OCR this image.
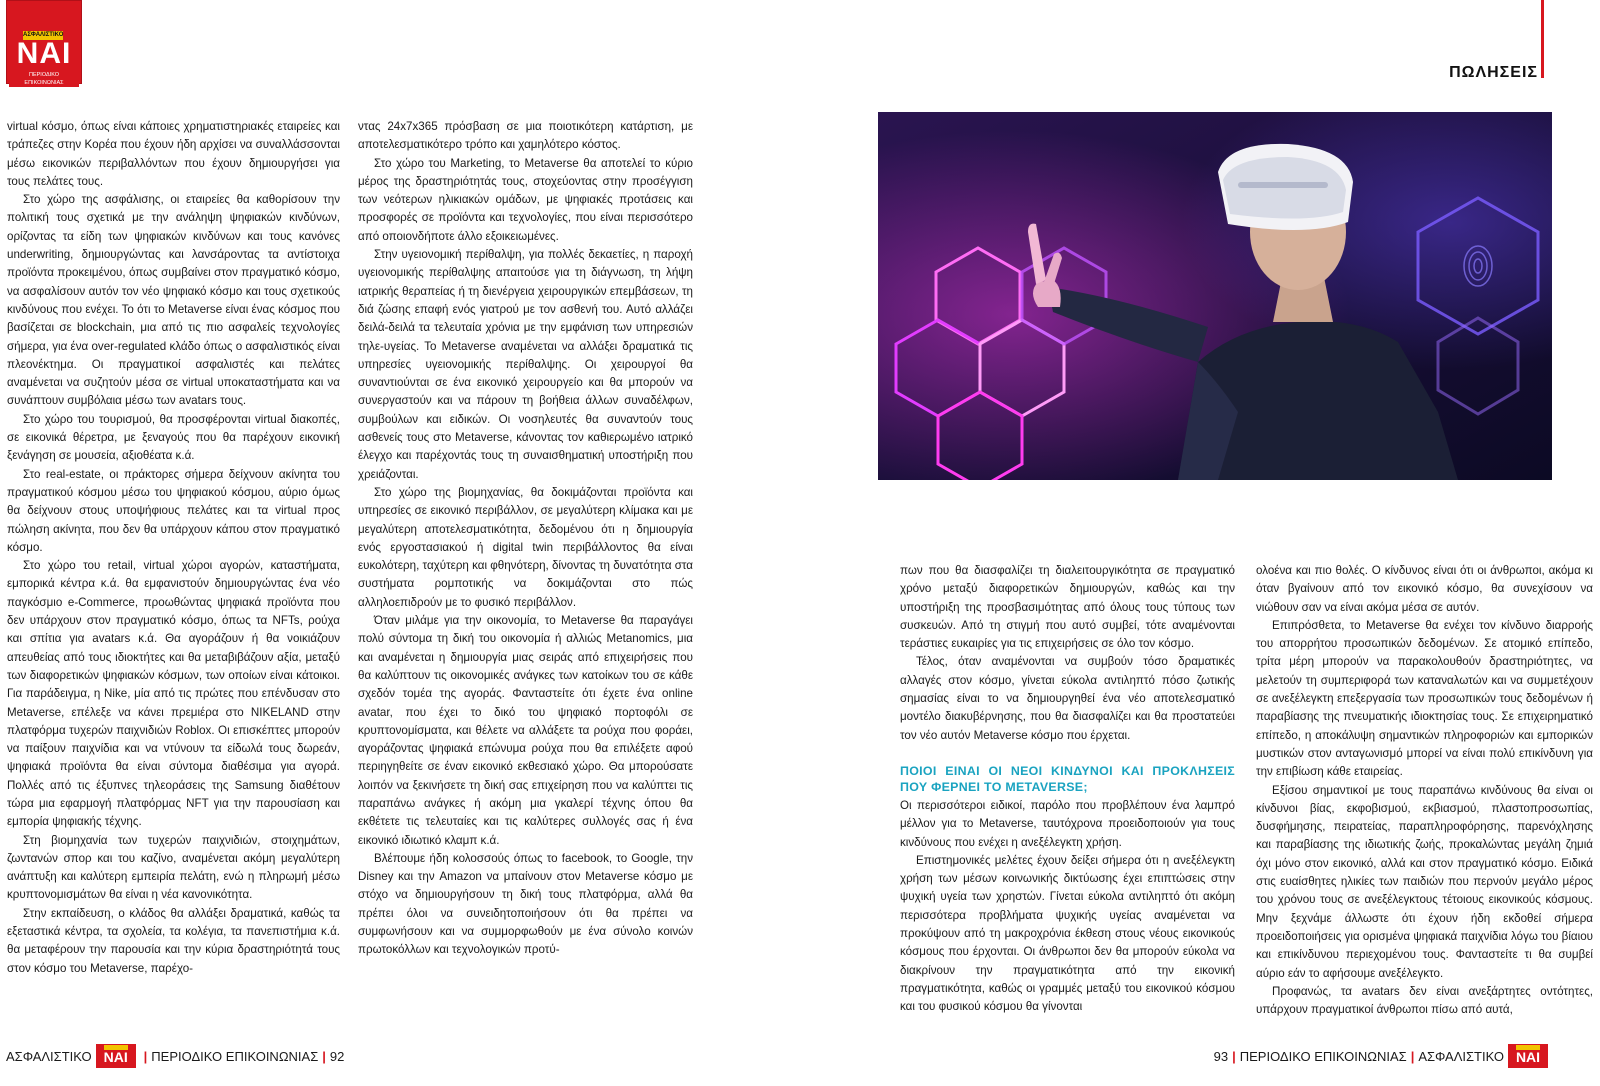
ΑΣΦΑΛΙΣΤΙΚΟ
ΝΑΙ
ΠΕΡΙΟΔΙΚΟ ΕΠΙΚΟΙΝΩΝΙΑΣ
ΠΩΛΗΣΕΙΣ

virtual κόσμο, όπως είναι κάποιες χρηματιστηριακές εταιρείες και τράπεζες στην Κορέα που έχουν ήδη αρχίσει να συναλλάσσονται μέσω εικονικών περιβαλλόντων που έχουν δημιουργήσει για τους πελάτες τους.

Στο χώρο της ασφάλισης, οι εταιρείες θα καθορίσουν την πολιτική τους σχετικά με την ανάληψη ψηφιακών κινδύνων, ορίζοντας τα είδη των ψηφιακών κινδύνων και τους κανόνες underwriting, δημιουργώντας και λανσάροντας τα αντίστοιχα προϊόντα προκειμένου, όπως συμβαίνει στον πραγματικό κόσμο, να ασφαλίσουν αυτόν τον νέο ψηφιακό κόσμο και τους σχετικούς κινδύνους που ενέχει. Το ότι το Metaverse είναι ένας κόσμος που βασίζεται σε blockchain, μια από τις πιο ασφαλείς τεχνολογίες σήμερα, για ένα over-regulated κλάδο όπως ο ασφαλιστικός είναι πλεονέκτημα. Οι πραγματικοί ασφαλιστές και πελάτες αναμένεται να συζητούν μέσα σε virtual υποκαταστήματα και να συνάπτουν συμβόλαια μέσω των avatars τους.

Στο χώρο του τουρισμού, θα προσφέρονται virtual διακοπές, σε εικονικά θέρετρα, με ξεναγούς που θα παρέχουν εικονική ξενάγηση σε μουσεία, αξιοθέατα κ.ά.

Στο real-estate, οι πράκτορες σήμερα δείχνουν ακίνητα του πραγματικού κόσμου μέσω του ψηφιακού κόσμου, αύριο όμως θα δείχνουν στους υποψήφιους πελάτες και τα virtual προς πώληση ακίνητα, που δεν θα υπάρχουν κάπου στον πραγματικό κόσμο.

Στο χώρο του retail, virtual χώροι αγορών, καταστήματα, εμπορικά κέντρα κ.ά. θα εμφανιστούν δημιουργώντας ένα νέο παγκόσμιο e-Commerce, προωθώντας ψηφιακά προϊόντα που δεν υπάρχουν στον πραγματικό κόσμο, όπως τα NFTs, ρούχα και σπίτια για avatars κ.ά. Θα αγοράζουν ή θα νοικιάζουν απευθείας από τους ιδιοκτήτες και θα μεταβιβάζουν αξία, μεταξύ των διαφορετικών ψηφιακών κόσμων, των οποίων είναι κάτοικοι. Για παράδειγμα, η Nike, μία από τις πρώτες που επένδυσαν στο Metaverse, επέλεξε να κάνει πρεμιέρα στο NIKELAND στην πλατφόρμα τυχερών παιχνιδιών Roblox. Οι επισκέπτες μπορούν να παίξουν παιχνίδια και να ντύνουν τα είδωλά τους δωρεάν, ψηφιακά προϊόντα θα είναι σύντομα διαθέσιμα για αγορά. Πολλές από τις έξυπνες τηλεοράσεις της Samsung διαθέτουν τώρα μια εφαρμογή πλατφόρμας NFT για την παρουσίαση και εμπορία ψηφιακής τέχνης.

Στη βιομηχανία των τυχερών παιχνιδιών, στοιχημάτων, ζωντανών σπορ και του καζίνο, αναμένεται ακόμη μεγαλύτερη ανάπτυξη και καλύτερη εμπειρία πελάτη, ενώ η πληρωμή μέσω κρυπτονομισμάτων θα είναι η νέα κανονικότητα.

Στην εκπαίδευση, ο κλάδος θα αλλάξει δραματικά, καθώς τα εξεταστικά κέντρα, τα σχολεία, τα κολέγια, τα πανεπιστήμια κ.ά. θα μεταφέρουν την παρουσία και την κύρια δραστηριότητά τους στον κόσμο του Metaverse, παρέχο-

ντας 24x7x365 πρόσβαση σε μια ποιοτικότερη κατάρτιση, με αποτελεσματικότερο τρόπο και χαμηλότερο κόστος.

Στο χώρο του Marketing, το Metaverse θα αποτελεί το κύριο μέρος της δραστηριότητάς τους, στοχεύοντας στην προσέγγιση των νεότερων ηλικιακών ομάδων, με ψηφιακές προτάσεις και προσφορές σε προϊόντα και τεχνολογίες, που είναι περισσότερο από οποιονδήποτε άλλο εξοικειωμένες.

Στην υγειονομική περίθαλψη, για πολλές δεκαετίες, η παροχή υγειονομικής περίθαλψης απαιτούσε για τη διάγνωση, τη λήψη ιατρικής θεραπείας ή τη διενέργεια χειρουργικών επεμβάσεων, τη διά ζώσης επαφή ενός γιατρού με τον ασθενή του. Αυτό αλλάζει δειλά-δειλά τα τελευταία χρόνια με την εμφάνιση των υπηρεσιών τηλε-υγείας. Το Metaverse αναμένεται να αλλάξει δραματικά τις υπηρεσίες υγειονομικής περίθαλψης. Οι χειρουργοί θα συναντιούνται σε ένα εικονικό χειρουργείο και θα μπορούν να συνεργαστούν και να πάρουν τη βοήθεια άλλων συναδέλφων, συμβούλων και ειδικών. Οι νοσηλευτές θα συναντούν τους ασθενείς τους στο Metaverse, κάνοντας τον καθιερωμένο ιατρικό έλεγχο και παρέχοντάς τους τη συναισθηματική υποστήριξη που χρειάζονται.

Στο χώρο της βιομηχανίας, θα δοκιμάζονται προϊόντα και υπηρεσίες σε εικονικό περιβάλλον, σε μεγαλύτερη κλίμακα και με μεγαλύτερη αποτελεσματικότητα, δεδομένου ότι η δημιουργία ενός εργοστασιακού ή digital twin περιβάλλοντος θα είναι ευκολότερη, ταχύτερη και φθηνότερη, δίνοντας τη δυνατότητα στα συστήματα ρομποτικής να δοκιμάζονται στο πώς αλληλοεπιδρούν με το φυσικό περιβάλλον.

Όταν μιλάμε για την οικονομία, το Metaverse θα παραγάγει πολύ σύντομα τη δική του οικονομία ή αλλιώς Metanomics, μια και αναμένεται η δημιουργία μιας σειράς από επιχειρήσεις που θα καλύπτουν τις οικονομικές ανάγκες των κατοίκων του σε κάθε σχεδόν τομέα της αγοράς. Φανταστείτε ότι έχετε ένα online avatar, που έχει το δικό του ψηφιακό πορτοφόλι σε κρυπτονομίσματα, και θέλετε να αλλάξετε τα ρούχα που φοράει, αγοράζοντας ψηφιακά επώνυμα ρούχα που θα επιλέξετε αφού περιηγηθείτε σε έναν εικονικό εκθεσιακό χώρο. Θα μπορούσατε λοιπόν να ξεκινήσετε τη δική σας επιχείρηση που να καλύπτει τις παραπάνω ανάγκες ή ακόμη μια γκαλερί τέχνης όπου θα εκθέτετε τις τελευταίες και τις καλύτερες συλλογές σας ή ένα εικονικό ιδιωτικό κλαμπ κ.ά.

Βλέπουμε ήδη κολοσσούς όπως το facebook, το Google, την Disney και την Amazon να μπαίνουν στον Metaverse κόσμο με στόχο να δημιουργήσουν τη δική τους πλατφόρμα, αλλά θα πρέπει όλοι να συνειδητοποιήσουν ότι θα πρέπει να συμφωνήσουν και να συμμορφωθούν με ένα σύνολο κοινών πρωτοκόλλων και τεχνολογικών προτύ-

πων που θα διασφαλίζει τη διαλειτουργικότητα σε πραγματικό χρόνο μεταξύ διαφορετικών δημιουργών, καθώς και την υποστήριξη της προσβασιμότητας από όλους τους τύπους των συσκευών. Από τη στιγμή που αυτό συμβεί, τότε αναμένονται τεράστιες ευκαιρίες για τις επιχειρήσεις σε όλο τον κόσμο.

Τέλος, όταν αναμένονται να συμβούν τόσο δραματικές αλλαγές στον κόσμο, γίνεται εύκολα αντιληπτό πόσο ζωτικής σημασίας είναι το να δημιουργηθεί ένα νέο αποτελεσματικό μοντέλο διακυβέρνησης, που θα διασφαλίζει και θα προστατεύει τον νέο αυτόν Metaverse κόσμο που έρχεται.

ΠΟΙΟΙ ΕΙΝΑΙ ΟΙ ΝΕΟΙ ΚΙΝΔΥΝΟΙ ΚΑΙ ΠΡΟΚΛΗΣΕΙΣ ΠΟΥ ΦΕΡΝΕΙ ΤΟ METAVERSE;

Οι περισσότεροι ειδικοί, παρόλο που προβλέπουν ένα λαμπρό μέλλον για το Metaverse, ταυτόχρονα προειδοποιούν για τους κινδύνους που ενέχει η ανεξέλεγκτη χρήση.

Επιστημονικές μελέτες έχουν δείξει σήμερα ότι η ανεξέλεγκτη χρήση των μέσων κοινωνικής δικτύωσης έχει επιπτώσεις στην ψυχική υγεία των χρηστών. Γίνεται εύκολα αντιληπτό ότι ακόμη περισσότερα προβλήματα ψυχικής υγείας αναμένεται να προκύψουν από τη μακροχρόνια έκθεση στους νέους εικονικούς κόσμους που έρχονται. Οι άνθρωποι δεν θα μπορούν εύκολα να διακρίνουν την πραγματικότητα από την εικονική πραγματικότητα, καθώς οι γραμμές μεταξύ του εικονικού κόσμου και του φυσικού κόσμου θα γίνονται

ολοένα και πιο θολές. Ο κίνδυνος είναι ότι οι άνθρωποι, ακόμα κι όταν βγαίνουν από τον εικονικό κόσμο, θα συνεχίσουν να νιώθουν σαν να είναι ακόμα μέσα σε αυτόν.

Επιπρόσθετα, το Metaverse θα ενέχει τον κίνδυνο διαρροής του απορρήτου προσωπικών δεδομένων. Σε ατομικό επίπεδο, τρίτα μέρη μπορούν να παρακολουθούν δραστηριότητες, να μελετούν τη συμπεριφορά των καταναλωτών και να συμμετέχουν σε ανεξέλεγκτη επεξεργασία των προσωπικών τους δεδομένων ή παραβίασης της πνευματικής ιδιοκτησίας τους. Σε επιχειρηματικό επίπεδο, η αποκάλυψη σημαντικών πληροφοριών και εμπορικών μυστικών στον ανταγωνισμό μπορεί να είναι πολύ επικίνδυνη για την επιβίωση κάθε εταιρείας.

Εξίσου σημαντικοί με τους παραπάνω κινδύνους θα είναι οι κίνδυνοι βίας, εκφοβισμού, εκβιασμού, πλαστοπροσωπίας, δυσφήμησης, πειρατείας, παραπληροφόρησης, παρενόχλησης και παραβίασης της ιδιωτικής ζωής, προκαλώντας μεγάλη ζημιά όχι μόνο στον εικονικό, αλλά και στον πραγματικό κόσμο. Ειδικά στις ευαίσθητες ηλικίες των παιδιών που περνούν μεγάλο μέρος του χρόνου τους σε ανεξέλεγκτους τέτοιους εικονικούς κόσμους. Μην ξεχνάμε άλλωστε ότι έχουν ήδη εκδοθεί σήμερα προειδοποιήσεις για ορισμένα ψηφιακά παιχνίδια λόγω του βίαιου και επικίνδυνου περιεχομένου τους. Φανταστείτε τι θα συμβεί αύριο εάν το αφήσουμε ανεξέλεγκτο.

Προφανώς, τα avatars δεν είναι ανεξάρτητες οντότητες, υπάρχουν πραγματικοί άνθρωποι πίσω από αυτά,

ΑΣΦΑΛΙΣΤΙΚΟ ΝΑΙ	| ΠΕΡΙΟΔΙΚΟ ΕΠΙΚΟΙΝΩΝΙΑΣ | 92	93 | ΠΕΡΙΟΔΙΚΟ ΕΠΙΚΟΙΝΩΝΙΑΣ | ΑΣΦΑΛΙΣΤΙΚΟ ΝΑΙ
